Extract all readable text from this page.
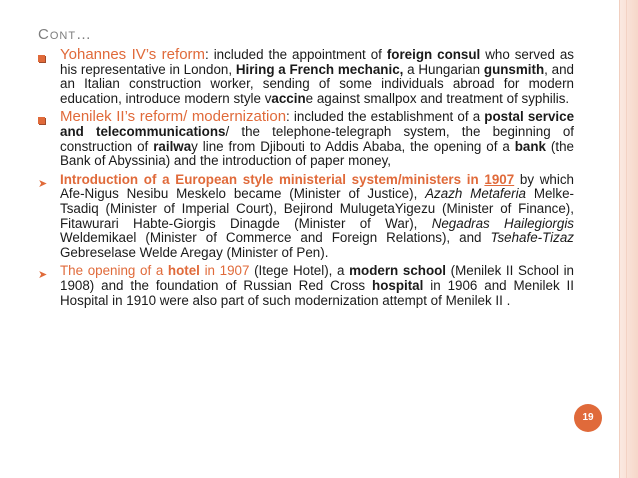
Cont…
Yohannes IV’s reform: included the appointment of foreign consul who served as his representative in London, Hiring a French mechanic, a Hungarian gunsmith, and an Italian construction worker, sending of some individuals abroad for modern education, introduce modern style vaccine against smallpox and treatment of syphilis.
Menilek II’s reform/ modernization: included the establishment of a postal service and telecommunications/ the telephone-telegraph system, the beginning of construction of railway line from Djibouti to Addis Ababa, the opening of a bank (the Bank of Abyssinia) and the introduction of paper money,
➤ Introduction of a European style ministerial system/ministers in 1907 by which Afe-Nigus Nesibu Meskelo became (Minister of Justice), Azazh Metaferia Melke-Tsadiq (Minister of Imperial Court), Bejirond MulugetaYigezu (Minister of Finance), Fitawurari Habte-Giorgis Dinagde (Minister of War), Negadras Hailegiorgis Weldemikael (Minister of Commerce and Foreign Relations), and Tsehafe-Tizaz Gebreselase Welde Aregay (Minister of Pen).
➤ The opening of a hotel in 1907 (Itege Hotel), a modern school (Menilek II School in 1908) and the foundation of Russian Red Cross hospital in 1906 and Menilek II Hospital in 1910 were also part of such modernization attempt of Menilek II .
19
